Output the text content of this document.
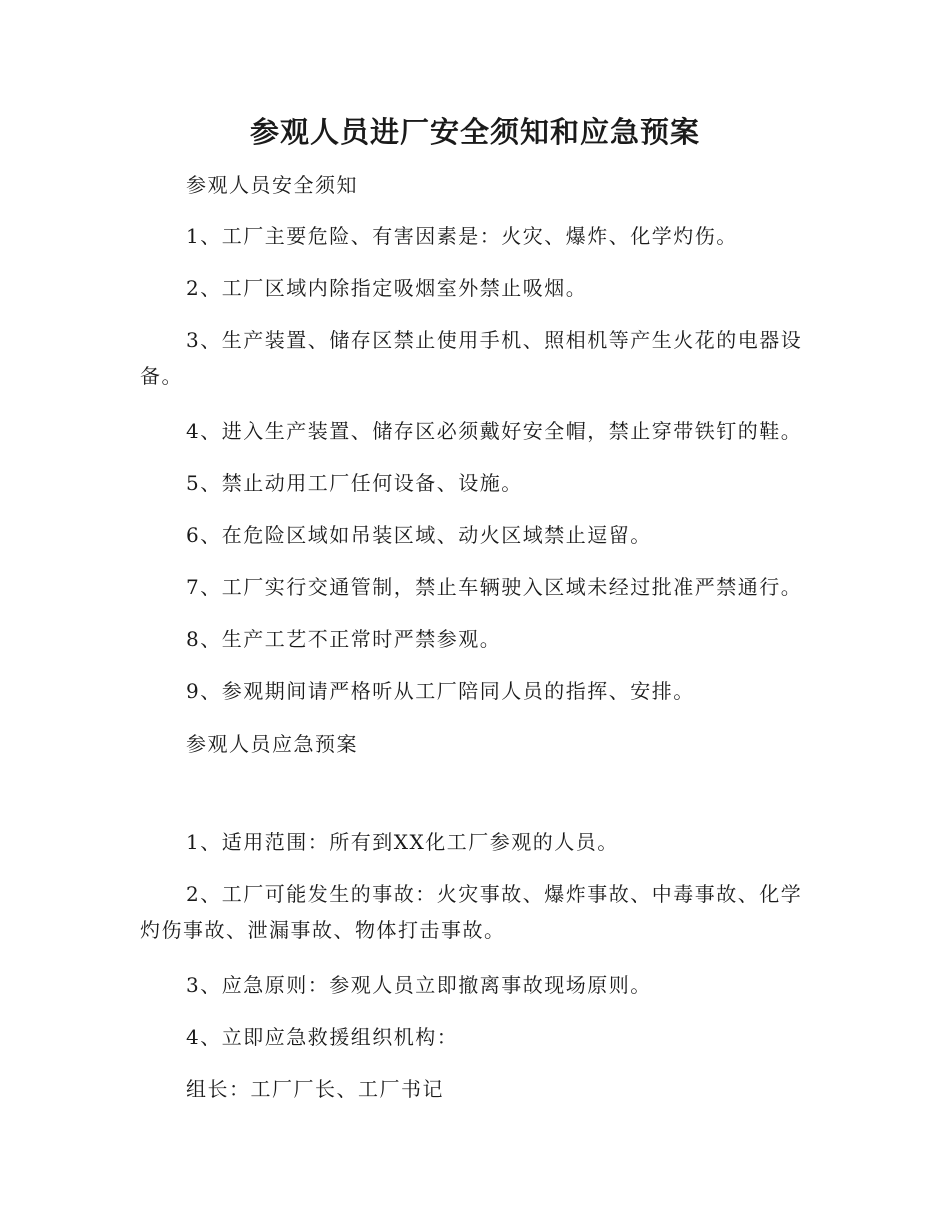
参观人员进厂安全须知和应急预案

参观人员安全须知

1、工厂主要危险、有害因素是：火灾、爆炸、化学灼伤。

2、工厂区域内除指定吸烟室外禁止吸烟。

3、生产装置、储存区禁止使用手机、照相机等产生火花的电器设备。

4、进入生产装置、储存区必须戴好安全帽，禁止穿带铁钉的鞋。

5、禁止动用工厂任何设备、设施。

6、在危险区域如吊装区域、动火区域禁止逗留。

7、工厂实行交通管制，禁止车辆驶入区域未经过批准严禁通行。

8、生产工艺不正常时严禁参观。

9、参观期间请严格听从工厂陪同人员的指挥、安排。

参观人员应急预案

1、适用范围：所有到XX化工厂参观的人员。

2、工厂可能发生的事故：火灾事故、爆炸事故、中毒事故、化学灼伤事故、泄漏事故、物体打击事故。

3、应急原则：参观人员立即撤离事故现场原则。

4、立即应急救援组织机构：

组长：工厂厂长、工厂书记
